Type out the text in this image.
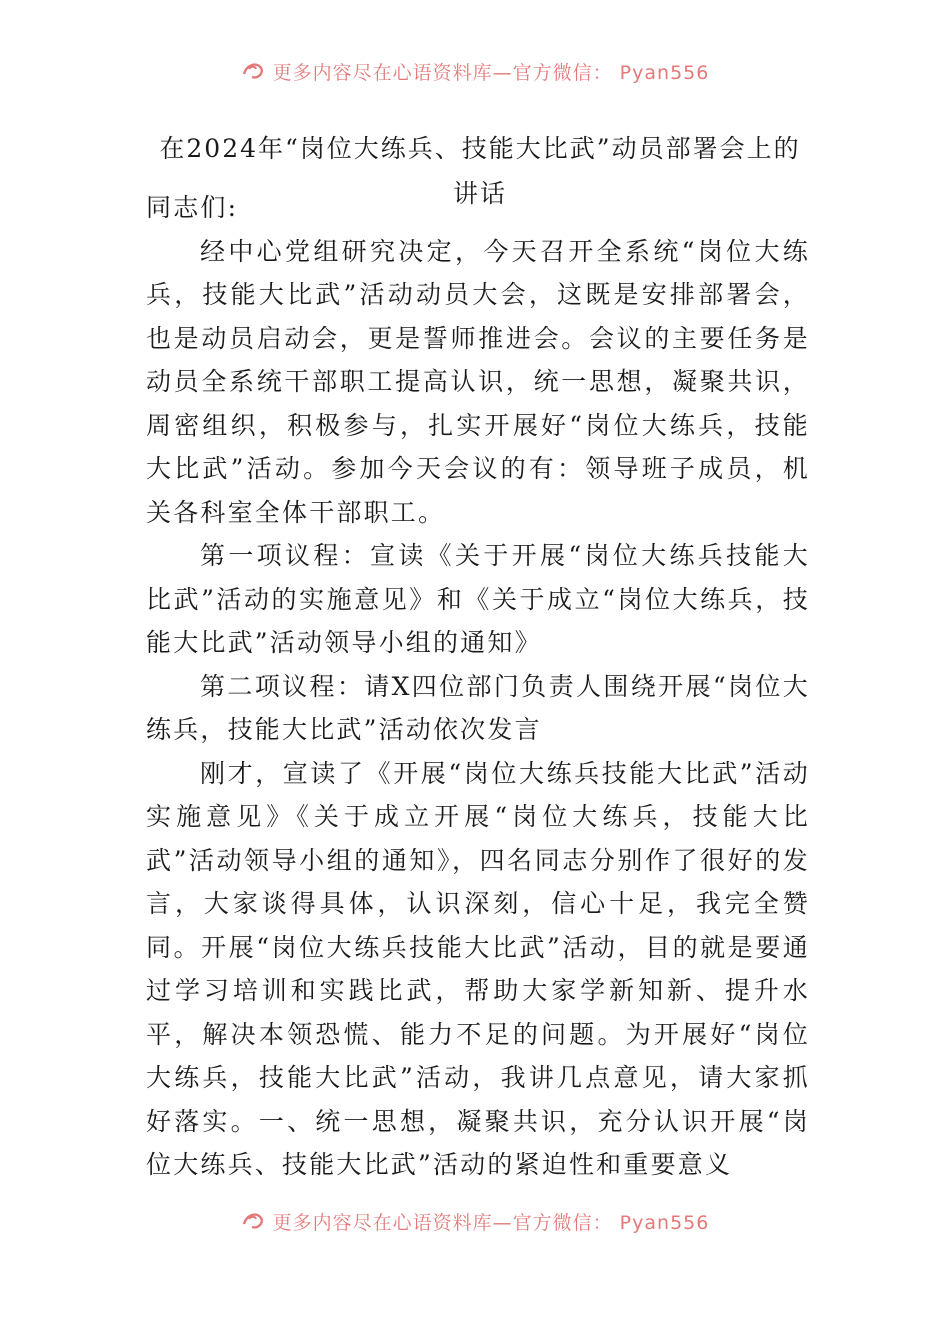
更多内容尽在心语资料库—官方微信： Pyan556
在2024年“岗位大练兵、技能大比武”动员部署会上的讲话

同志们:

经中心党组研究决定，今天召开全系统“岗位大练兵，技能大比武”活动动员大会，这既是安排部署会，也是动员启动会，更是誓师推进会。会议的主要任务是动员全系统干部职工提高认识，统一思想，凝聚共识，周密组织，积极参与，扎实开展好“岗位大练兵，技能大比武”活动。参加今天会议的有：领导班子成员，机关各科室全体干部职工。

第一项议程：宣读《关于开展“岗位大练兵技能大比武”活动的实施意见》和《关于成立“岗位大练兵，技能大比武”活动领导小组的通知》

第二项议程：请X四位部门负责人围绕开展“岗位大练兵，技能大比武”活动依次发言

刚才，宣读了《开展“岗位大练兵技能大比武”活动实施意见》《关于成立开展“岗位大练兵，技能大比武”活动领导小组的通知》，四名同志分别作了很好的发言，大家谈得具体，认识深刻，信心十足，我完全赞同。开展“岗位大练兵技能大比武”活动，目的就是要通过学习培训和实践比武，帮助大家学新知新、提升水平，解决本领恐慌、能力不足的问题。为开展好“岗位大练兵，技能大比武”活动，我讲几点意见，请大家抓好落实。一、统一思想，凝聚共识，充分认识开展“岗位大练兵、技能大比武”活动的紧迫性和重要意义

更多内容尽在心语资料库—官方微信： Pyan556
